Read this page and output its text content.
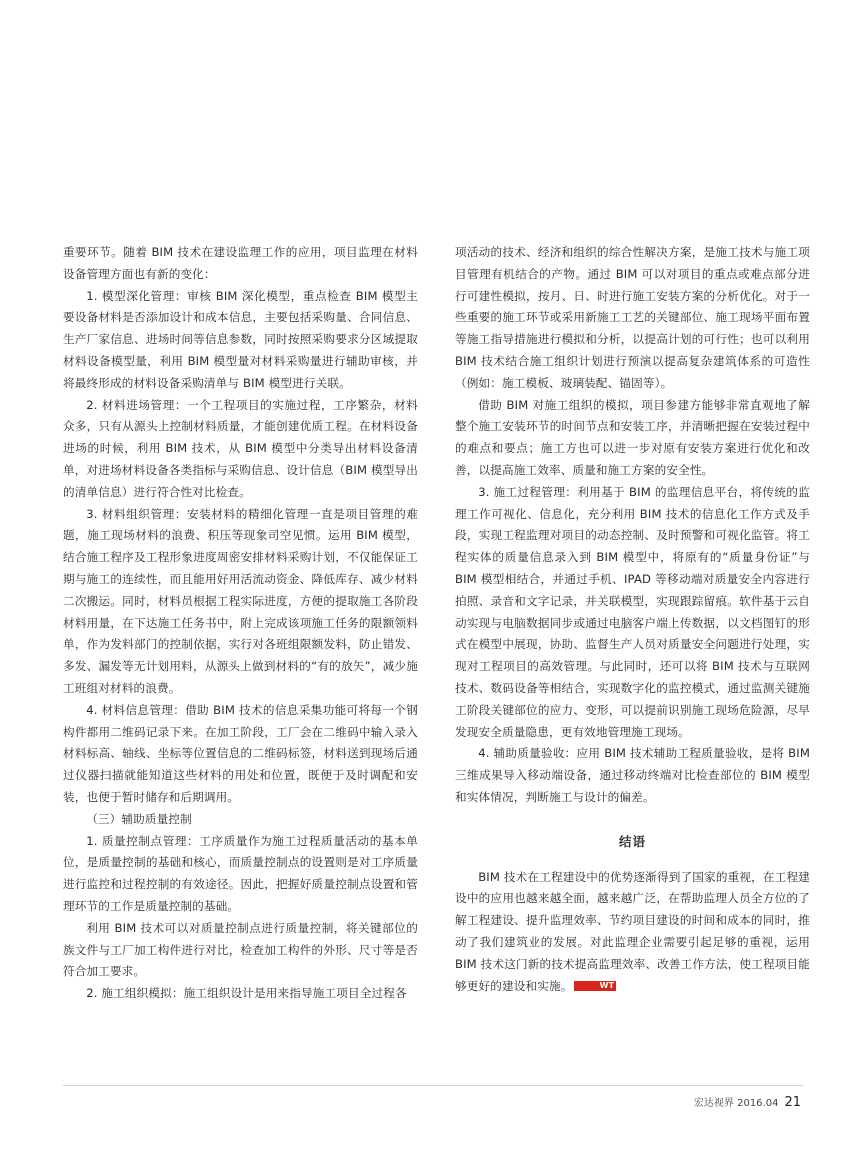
重要环节。随着 BIM 技术在建设监理工作的应用，项目监理在材料设备管理方面也有新的变化：

1. 模型深化管理：审核 BIM 深化模型，重点检查 BIM 模型主要设备材料是否添加设计和成本信息，主要包括采购量、合同信息、生产厂家信息、进场时间等信息参数，同时按照采购要求分区域提取材料设备模型量，利用 BIM 模型量对材料采购量进行辅助审核，并将最终形成的材料设备采购清单与 BIM 模型进行关联。

2. 材料进场管理：一个工程项目的实施过程，工序繁杂，材料众多，只有从源头上控制材料质量，才能创建优质工程。在材料设备进场的时候，利用 BIM 技术，从 BIM 模型中分类导出材料设备清单，对进场材料设备各类指标与采购信息、设计信息（BIM 模型导出的清单信息）进行符合性对比检查。

3. 材料组织管理：安装材料的精细化管理一直是项目管理的难题，施工现场材料的浪费、积压等现象司空见惯。运用 BIM 模型，结合施工程序及工程形象进度周密安排材料采购计划，不仅能保证工期与施工的连续性，而且能用好用活流动资金、降低库存、减少材料二次搬运。同时，材料员根据工程实际进度，方便的提取施工各阶段材料用量，在下达施工任务书中，附上完成该项施工任务的限额领料单，作为发料部门的控制依据，实行对各班组限额发料，防止错发、多发、漏发等无计划用料，从源头上做到材料的“有的放矢”，减少施工班组对材料的浪费。

4. 材料信息管理：借助 BIM 技术的信息采集功能可将每一个钢构件都用二维码记录下来。在加工阶段，工厂会在二维码中输入录入材料标高、轴线、坐标等位置信息的二维码标签，材料送到现场后通过仪器扫描就能知道这些材料的用处和位置，既便于及时调配和安装，也便于暂时储存和后期调用。

（三）辅助质量控制

1. 质量控制点管理：工序质量作为施工过程质量活动的基本单位，是质量控制的基础和核心，而质量控制点的设置则是对工序质量进行监控和过程控制的有效途径。因此，把握好质量控制点设置和管理环节的工作是质量控制的基础。

利用 BIM 技术可以对质量控制点进行质量控制，将关键部位的族文件与工厂加工构件进行对比，检查加工构件的外形、尺寸等是否符合加工要求。

2. 施工组织模拟：施工组织设计是用来指导施工项目全过程各

项活动的技术、经济和组织的综合性解决方案，是施工技术与施工项目管理有机结合的产物。通过 BIM 可以对项目的重点或难点部分进行可建性模拟，按月、日、时进行施工安装方案的分析优化。对于一些重要的施工环节或采用新施工工艺的关键部位、施工现场平面布置等施工指导措施进行模拟和分析，以提高计划的可行性；也可以利用 BIM 技术结合施工组织计划进行预演以提高复杂建筑体系的可造性（例如：施工模板、玻璃装配、锚固等）。

借助 BIM 对施工组织的模拟，项目参建方能够非常直观地了解整个施工安装环节的时间节点和安装工序，并清晰把握在安装过程中的难点和要点；施工方也可以进一步对原有安装方案进行优化和改善，以提高施工效率、质量和施工方案的安全性。

3. 施工过程管理：利用基于 BIM 的监理信息平台，将传统的监理工作可视化、信息化，充分利用 BIM 技术的信息化工作方式及手段，实现工程监理对项目的动态控制、及时预警和可视化监管。将工程实体的质量信息录入到 BIM 模型中，将原有的“质量身份证”与 BIM 模型相结合，并通过手机、IPAD 等移动端对质量安全内容进行拍照、录音和文字记录，并关联模型，实现跟踪留痕。软件基于云自动实现与电脑数据同步或通过电脑客户端上传数据，以文档图钉的形式在模型中展现，协助、监督生产人员对质量安全问题进行处理，实现对工程项目的高效管理。与此同时，还可以将 BIM 技术与互联网技术、数码设备等相结合，实现数字化的监控模式，通过监测关键施工阶段关键部位的应力、变形，可以提前识别施工现场危险源，尽早发现安全质量隐患，更有效地管理施工现场。

4. 辅助质量验收：应用 BIM 技术辅助工程质量验收，是将 BIM 三维成果导入移动端设备，通过移动终端对比检查部位的 BIM 模型和实体情况，判断施工与设计的偏差。

结语

BIM 技术在工程建设中的优势逐渐得到了国家的重视，在工程建设中的应用也越来越全面，越来越广泛，在帮助监理人员全方位的了解工程建设、提升监理效率、节约项目建设的时间和成本的同时，推动了我们建筑业的发展。对此监理企业需要引起足够的重视，运用 BIM 技术这门新的技术提高监理效率、改善工作方法，使工程项目能够更好的建设和实施。	WT

宏达视界 2016.04 21
